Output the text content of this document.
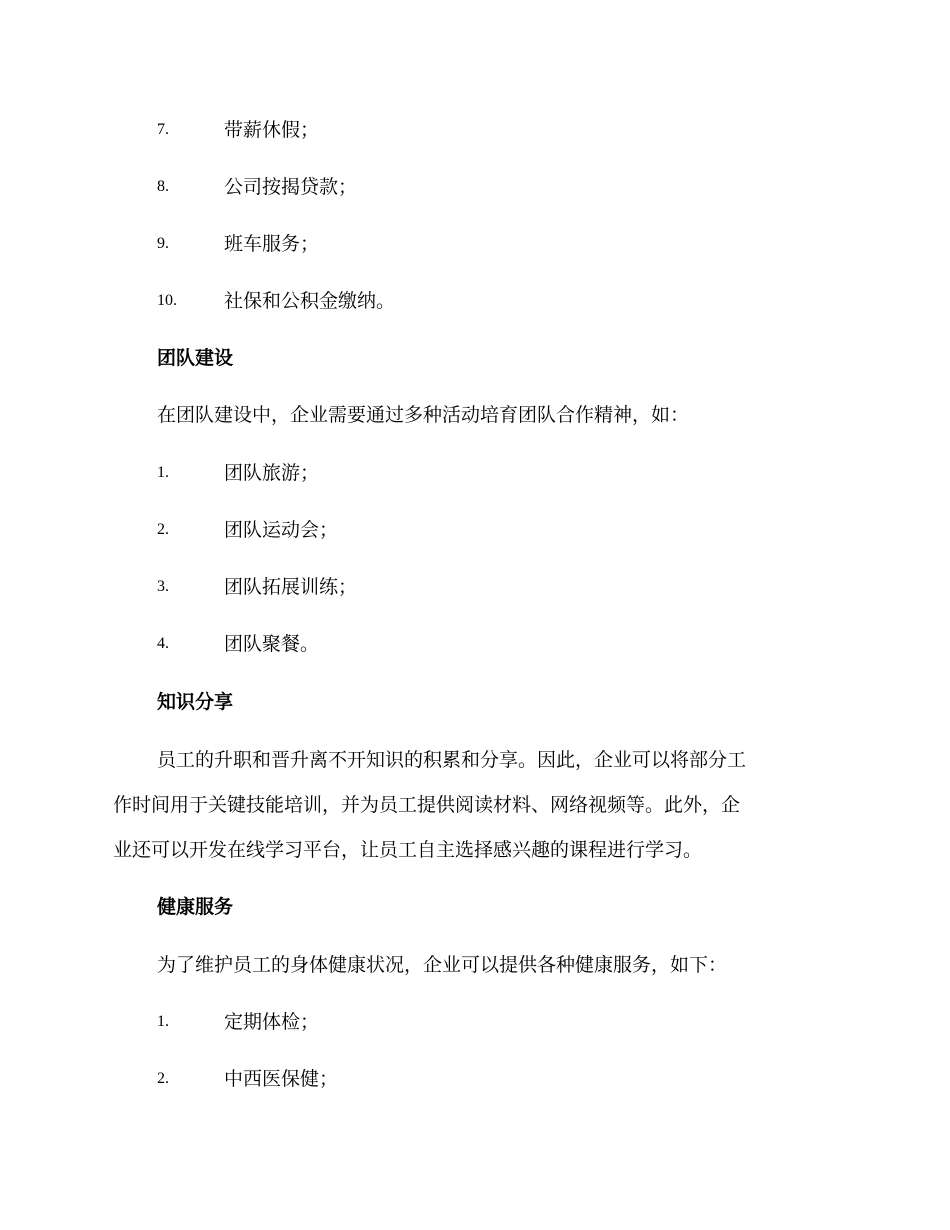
7.	带薪休假；
8.	公司按揭贷款；
9.	班车服务；
10. 社保和公积金缴纳。
团队建设
在团队建设中，企业需要通过多种活动培育团队合作精神，如：
1.	团队旅游；
2.	团队运动会；
3.	团队拓展训练；
4.	团队聚餐。
知识分享
员工的升职和晋升离不开知识的积累和分享。因此，企业可以将部分工
作时间用于关键技能培训，并为员工提供阅读材料、网络视频等。此外，企
业还可以开发在线学习平台，让员工自主选择感兴趣的课程进行学习。
健康服务
为了维护员工的身体健康状况，企业可以提供各种健康服务，如下：
1.	定期体检；
2.	中西医保健；
